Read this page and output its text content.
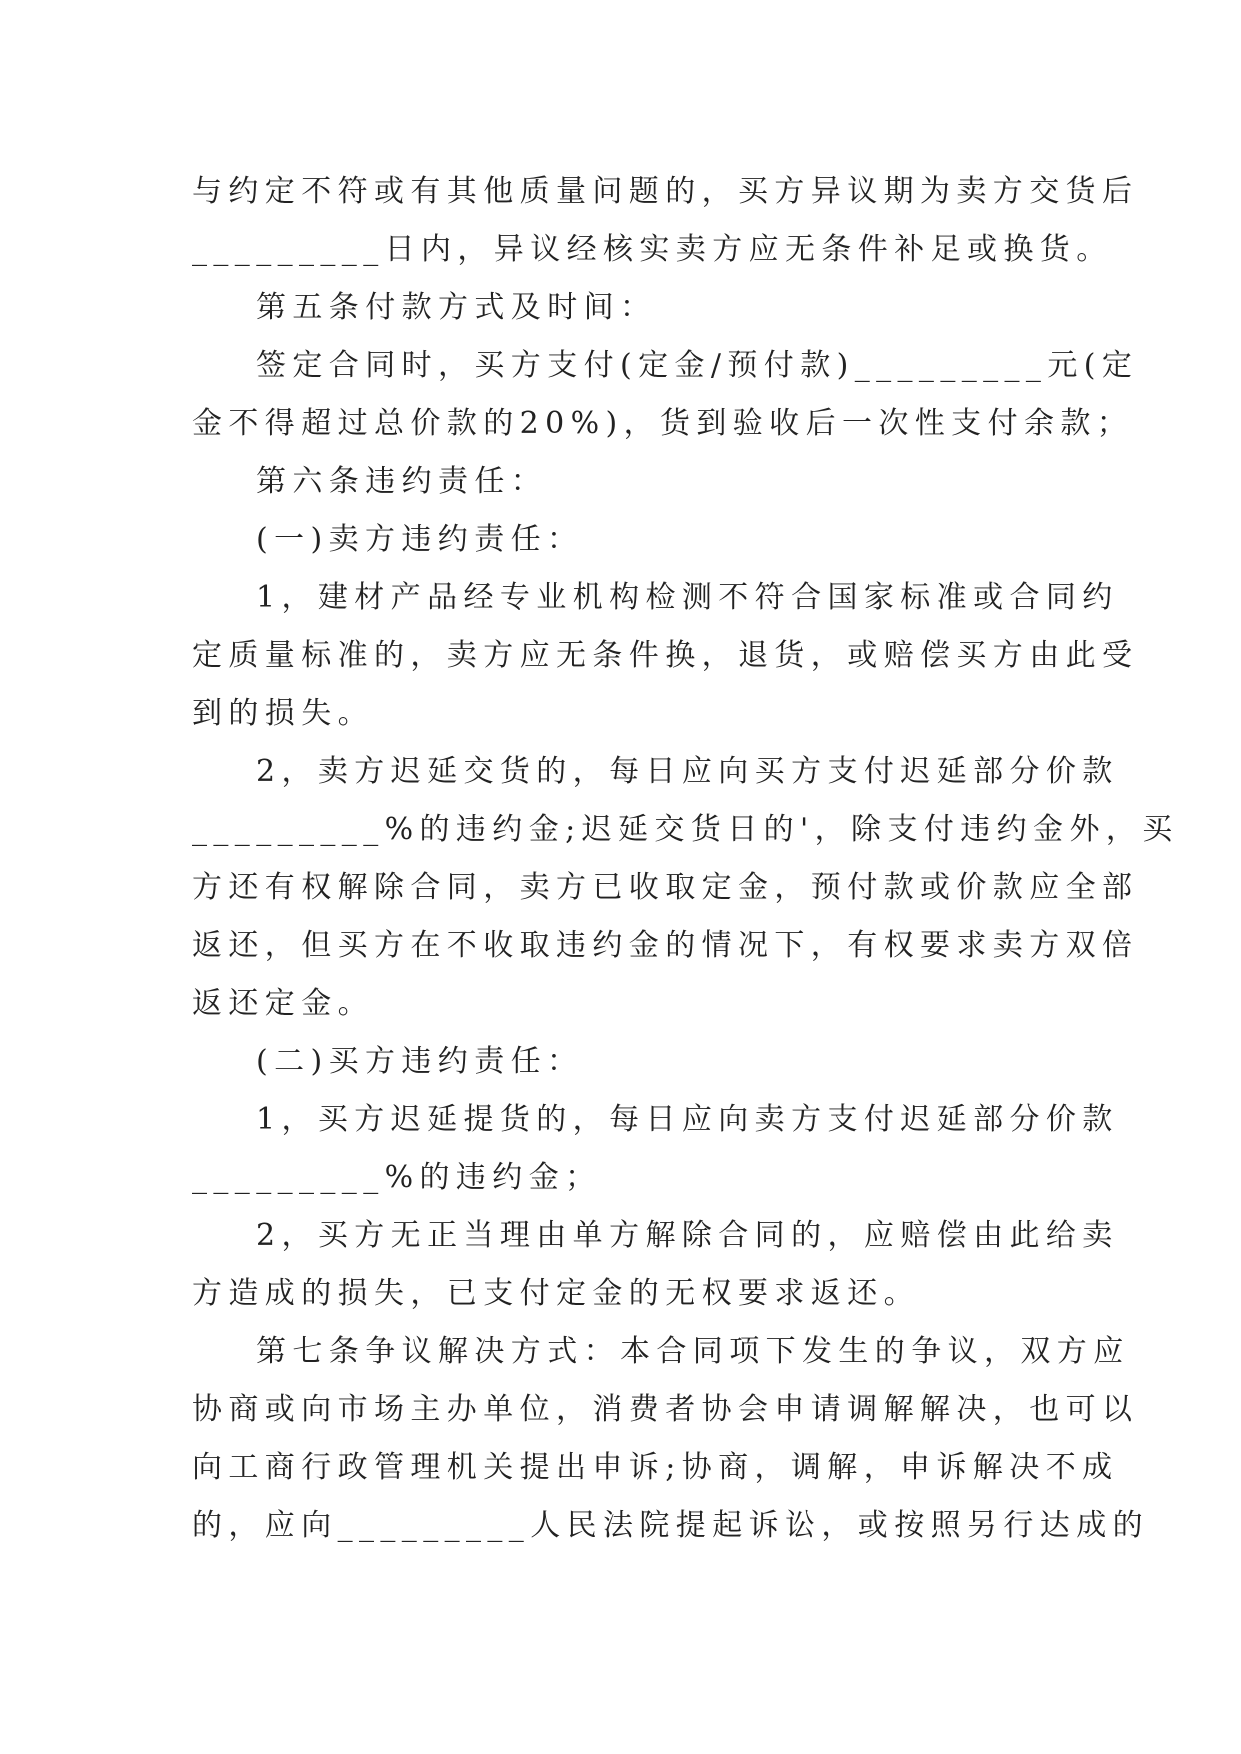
与约定不符或有其他质量问题的，买方异议期为卖方交货后
_________日内，异议经核实卖方应无条件补足或换货。
第五条付款方式及时间：
签定合同时，买方支付(定金/预付款)_________元(定
金不得超过总价款的20%)，货到验收后一次性支付余款；
第六条违约责任：
(一)卖方违约责任：
1，建材产品经专业机构检测不符合国家标准或合同约
定质量标准的，卖方应无条件换，退货，或赔偿买方由此受
到的损失。
2，卖方迟延交货的，每日应向买方支付迟延部分价款
_________%的违约金;迟延交货日的'，除支付违约金外，买
方还有权解除合同，卖方已收取定金，预付款或价款应全部
返还，但买方在不收取违约金的情况下，有权要求卖方双倍
返还定金。
(二)买方违约责任：
1，买方迟延提货的，每日应向卖方支付迟延部分价款
_________%的违约金；
2，买方无正当理由单方解除合同的，应赔偿由此给卖
方造成的损失，已支付定金的无权要求返还。
第七条争议解决方式：本合同项下发生的争议，双方应
协商或向市场主办单位，消费者协会申请调解解决，也可以
向工商行政管理机关提出申诉;协商，调解，申诉解决不成
的，应向_________人民法院提起诉讼，或按照另行达成的
